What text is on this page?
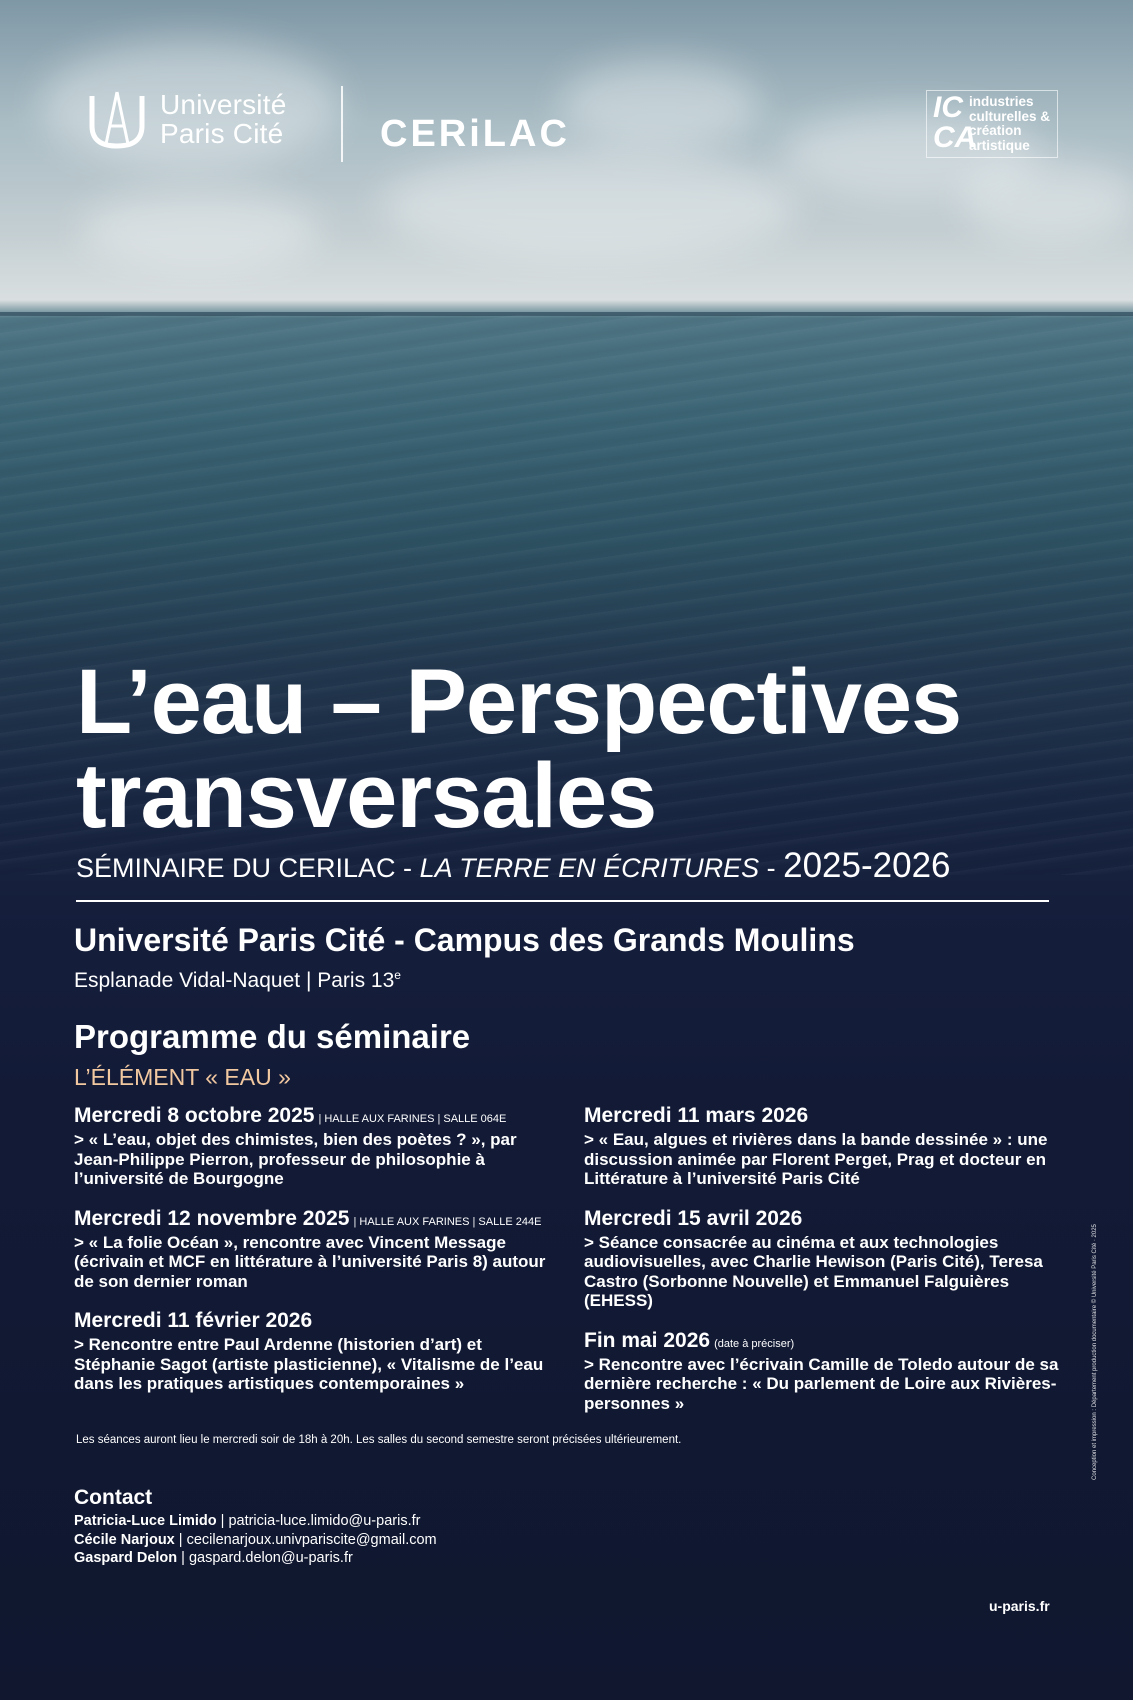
Université
Paris Cité	CERiLAC
IC
CA
industries
culturelles &
création
artistique
L’eau – Perspectives
transversales
SÉMINAIRE DU CERILAC - LA TERRE EN ÉCRITURES - 2025-2026
Université Paris Cité - Campus des Grands Moulins
Esplanade Vidal-Naquet | Paris 13e
Programme du séminaire
L’ÉLÉMENT « EAU »
Mercredi 8 octobre 2025 | HALLE AUX FARINES | SALLE 064E
> « L’eau, objet des chimistes, bien des poètes ? », par Jean-Philippe Pierron, professeur de philosophie à l’université de Bourgogne
Mercredi 12 novembre 2025 | HALLE AUX FARINES | SALLE 244E
> « La folie Océan », rencontre avec Vincent Message (écrivain et MCF en littérature à l’université Paris 8) autour de son dernier roman
Mercredi 11 février 2026
> Rencontre entre Paul Ardenne (historien d’art) et Stéphanie Sagot (artiste plasticienne), « Vitalisme de l’eau dans les pratiques artistiques contemporaines »
Mercredi 11 mars 2026
> « Eau, algues et rivières dans la bande dessinée » : une discussion animée par Florent Perget, Prag et docteur en Littérature à l’université Paris Cité
Mercredi 15 avril 2026
> Séance consacrée au cinéma et aux technologies audiovisuelles, avec Charlie Hewison (Paris Cité), Teresa Castro (Sorbonne Nouvelle) et Emmanuel Falguières (EHESS)
Fin mai 2026 (date à préciser)
> Rencontre avec l’écrivain Camille de Toledo autour de sa dernière recherche : « Du parlement de Loire aux Rivières-personnes »
Les séances auront lieu le mercredi soir de 18h à 20h. Les salles du second semestre seront précisées ultérieurement.
Contact
Patricia-Luce Limido | patricia-luce.limido@u-paris.fr
Cécile Narjoux | cecilenarjoux.univpariscite@gmail.com
Gaspard Delon | gaspard.delon@u-paris.fr
u-paris.fr
Conception et impression : Département production documentaire © Université Paris Cité · 2025
